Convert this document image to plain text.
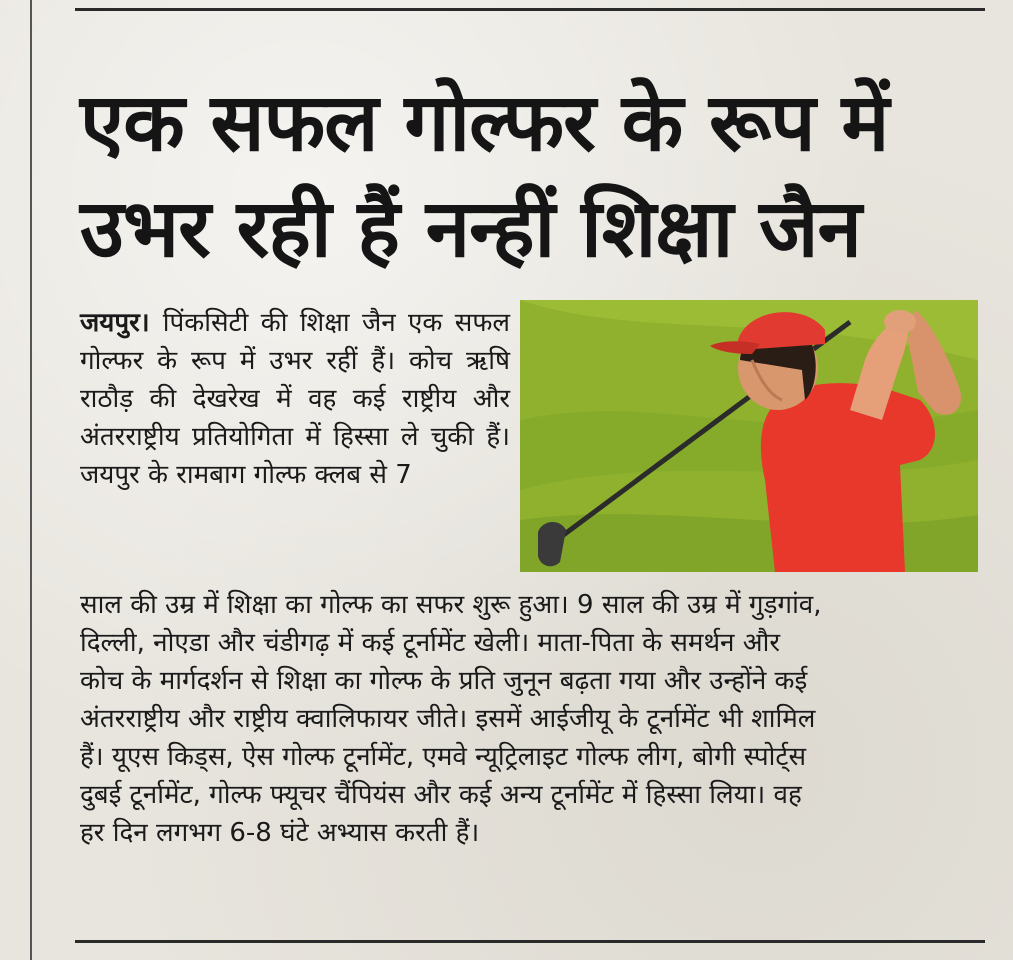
एक सफल गोल्फर के रूप में
उभर रही हैं नन्हीं शिक्षा जैन

जयपुर। पिंकसिटी की शिक्षा जैन एक सफल गोल्फर के रूप में उभर रहीं हैं। कोच ऋषि राठौड़ की देखरेख में वह कई राष्ट्रीय और अंतरराष्ट्रीय प्रतियोगिता में हिस्सा ले चुकी हैं। जयपुर के रामबाग गोल्फ क्लब से 7

साल की उम्र में शिक्षा का गोल्फ का सफर शुरू हुआ। 9 साल की उम्र में गुड़गांव,
दिल्ली, नोएडा और चंडीगढ़ में कई टूर्नामेंट खेली। माता-पिता के समर्थन और
कोच के मार्गदर्शन से शिक्षा का गोल्फ के प्रति जुनून बढ़ता गया और उन्होंने कई
अंतरराष्ट्रीय और राष्ट्रीय क्वालिफायर जीते। इसमें आईजीयू के टूर्नामेंट भी शामिल
हैं। यूएस किड्स, ऐस गोल्फ टूर्नामेंट, एमवे न्यूट्रिलाइट गोल्फ लीग, बोगी स्पोर्ट्स
दुबई टूर्नामेंट, गोल्फ फ्यूचर चैंपियंस और कई अन्य टूर्नामेंट में हिस्सा लिया। वह
हर दिन लगभग 6-8 घंटे अभ्यास करती हैं।
